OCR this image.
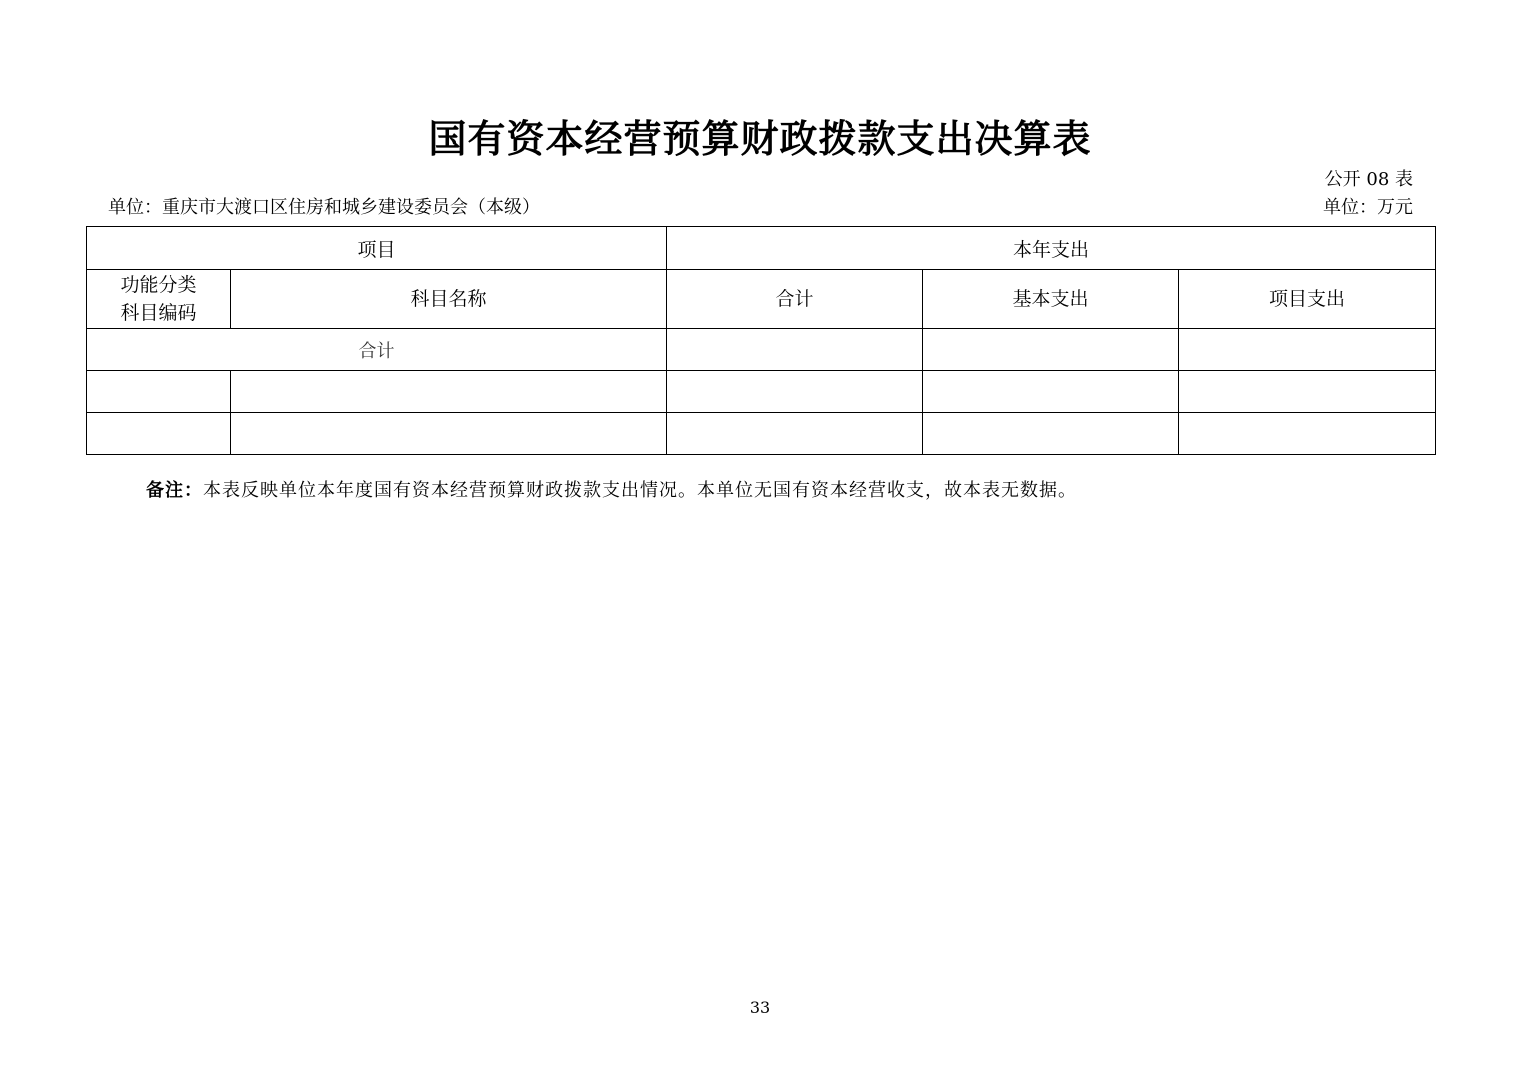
国有资本经营预算财政拨款支出决算表
公开 08 表
单位：重庆市大渡口区住房和城乡建设委员会（本级）	单位：万元
项目		本年支出		

功能分类
科目编码	科目名称	合计	基本支出	项目支出
合计				

备注：本表反映单位本年度国有资本经营预算财政拨款支出情况。本单位无国有资本经营收支，故本表无数据。
33
